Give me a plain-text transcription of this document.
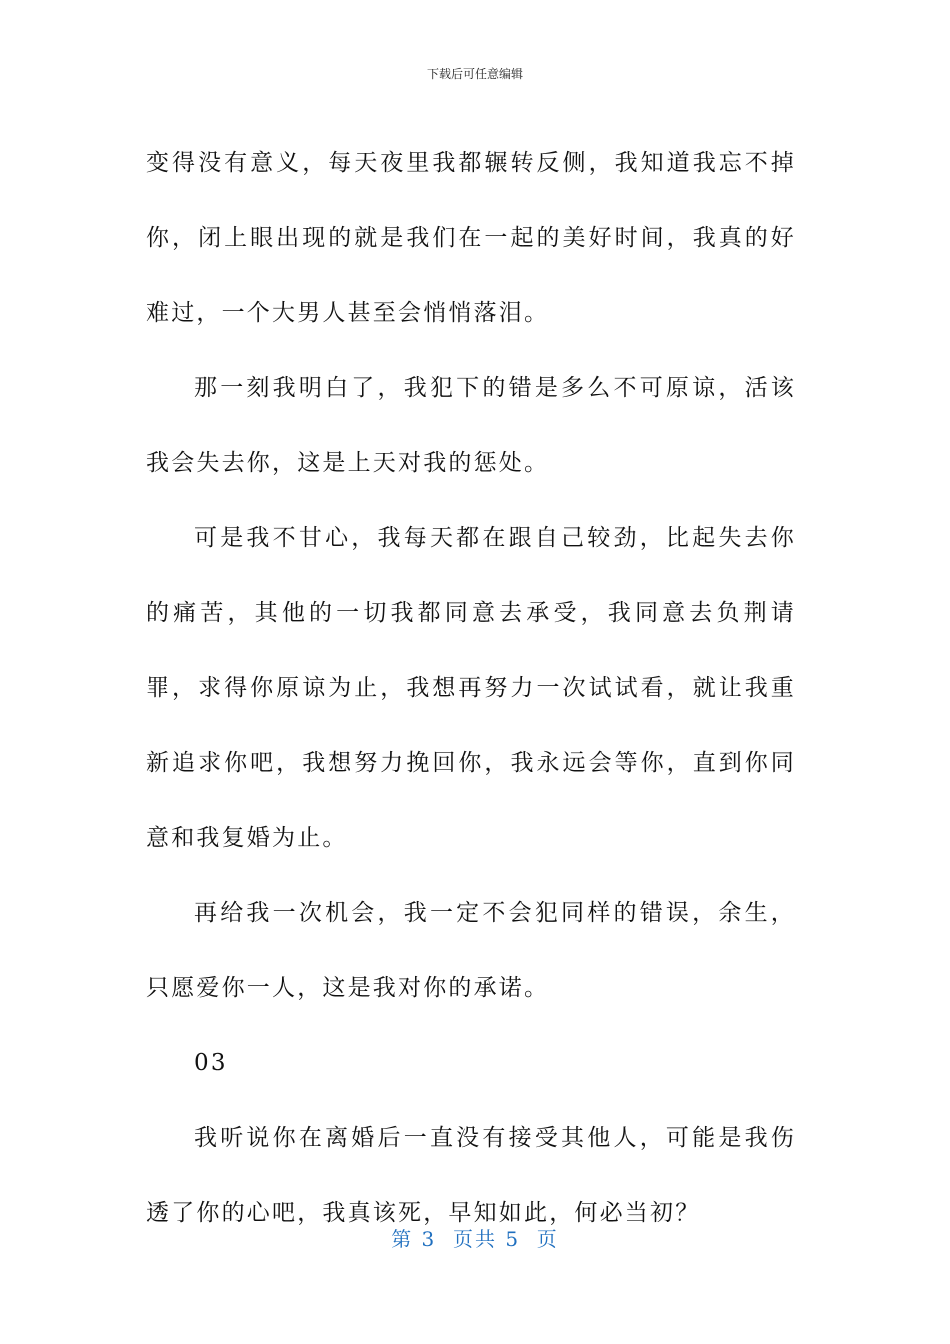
下载后可任意编辑

变得没有意义，每天夜里我都辗转反侧，我知道我忘不掉你，闭上眼出现的就是我们在一起的美好时间，我真的好难过，一个大男人甚至会悄悄落泪。

那一刻我明白了，我犯下的错是多么不可原谅，活该我会失去你，这是上天对我的惩处。

可是我不甘心，我每天都在跟自己较劲，比起失去你的痛苦，其他的一切我都同意去承受，我同意去负荆请罪，求得你原谅为止，我想再努力一次试试看，就让我重新追求你吧，我想努力挽回你，我永远会等你，直到你同意和我复婚为止。

再给我一次机会，我一定不会犯同样的错误，余生，只愿爱你一人，这是我对你的承诺。

03

我听说你在离婚后一直没有接受其他人，可能是我伤透了你的心吧，我真该死，早知如此，何必当初？

第 3  页共 5  页
